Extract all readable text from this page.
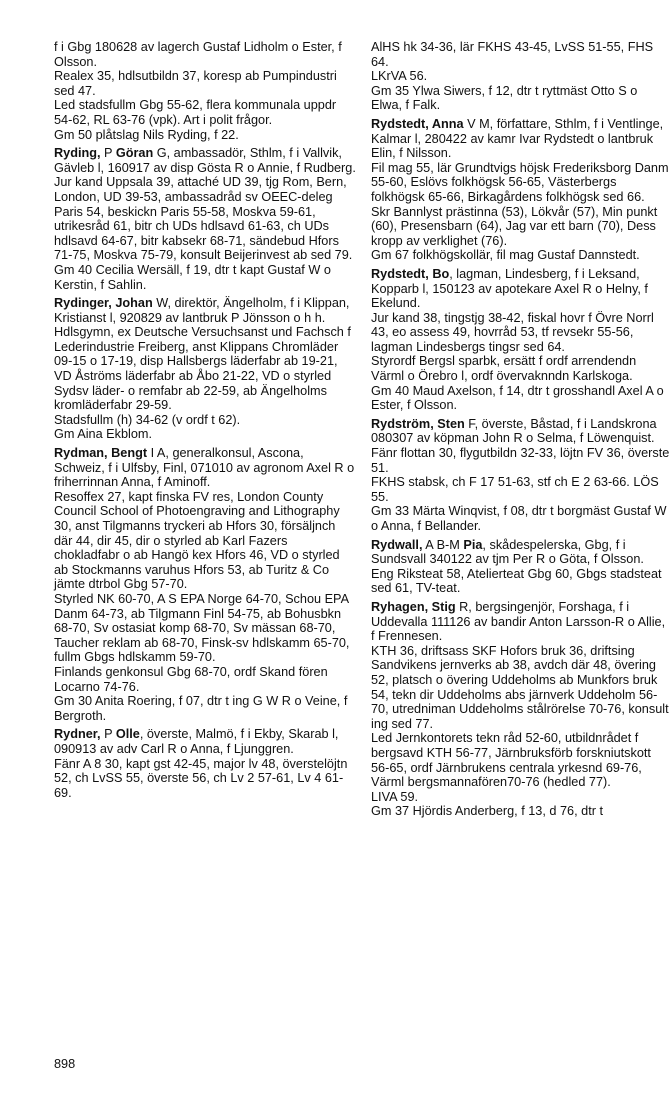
f i Gbg 180628 av lagerch Gustaf Lidholm o Ester, f Olsson.

Realex 35, hdlsutbildn 37, koresp ab Pumpindustri sed 47.

Led stadsfullm Gbg 55-62, flera kommunala uppdr 54-62, RL 63-76 (vpk). Art i polit frågor.

Gm 50 plåtslag Nils Ryding, f 22.

Ryding, P Göran G, ambassadör, Sthlm, f i Vallvik, Gävleb l, 160917 av disp Gösta R o Annie, f Rudberg.

Jur kand Uppsala 39, attaché UD 39, tjg Rom, Bern, London, UD 39-53, ambassadråd sv OEEC-deleg Paris 54, beskickn Paris 55-58, Moskva 59-61, utrikesråd 61, bitr ch UDs hdlsavd 61-63, ch UDs hdlsavd 64-67, bitr kabsekr 68-71, sändebud Hfors 71-75, Moskva 75-79, konsult Beijerinvest ab sed 79.

Gm 40 Cecilia Wersäll, f 19, dtr t kapt Gustaf W o Kerstin, f Sahlin.

Rydinger, Johan W, direktör, Ängelholm, f i Klippan, Kristianst l, 920829 av lantbruk P Jönsson o h h.

Hdlsgymn, ex Deutsche Versuchsanst und Fachsch f Lederindustrie Freiberg, anst Klippans Chromläder 09-15 o 17-19, disp Hallsbergs läderfabr ab 19-21, VD Åströms läderfabr ab Åbo 21-22, VD o styrled Sydsv läder- o remfabr ab 22-59, ab Ängelholms kromläderfabr 29-59.

Stadsfullm (h) 34-62 (v ordf t 62).

Gm Aina Ekblom.

Rydman, Bengt I A, generalkonsul, Ascona, Schweiz, f i Ulfsby, Finl, 071010 av agronom Axel R o friherrinnan Anna, f Aminoff.

Resoffex 27, kapt finska FV res, London County Council School of Photoengraving and Lithography 30, anst Tilgmanns tryckeri ab Hfors 30, försäljnch där 44, dir 45, dir o styrled ab Karl Fazers chokladfabr o ab Hangö kex Hfors 46, VD o styrled ab Stockmanns varuhus Hfors 53, ab Turitz & Co jämte dtrbol Gbg 57-70.

Styrled NK 60-70, A S EPA Norge 64-70, Schou EPA Danm 64-73, ab Tilgmann Finl 54-75, ab Bohusbkn 68-70, Sv ostasiat komp 68-70, Sv mässan 68-70, Taucher reklam ab 68-70, Finsk-sv hdlskamm 65-70, fullm Gbgs hdlskamm 59-70.

Finlands genkonsul Gbg 68-70, ordf Skand fören Locarno 74-76.

Gm 30 Anita Roering, f 07, dtr t ing G W R o Veine, f Bergroth.

Rydner, P Olle, överste, Malmö, f i Ekby, Skarab l, 090913 av adv Carl R o Anna, f Ljunggren.

Fänr A 8 30, kapt gst 42-45, major lv 48, överstelöjtn 52, ch LvSS 55, överste 56, ch Lv 2 57-61, Lv 4 61-69.

AlHS hk 34-36, lär FKHS 43-45, LvSS 51-55, FHS 64.

LKrVA 56.

Gm 35 Ylwa Siwers, f 12, dtr t ryttmäst Otto S o Elwa, f Falk.

Rydstedt, Anna V M, författare, Sthlm, f i Ventlinge, Kalmar l, 280422 av kamr Ivar Rydstedt o lantbruk Elin, f Nilsson.

Fil mag 55, lär Grundtvigs höjsk Frederiksborg Danm 55-60, Eslövs folkhögsk 56-65, Västerbergs folkhögsk 65-66, Birkagårdens folkhögsk sed 66.

Skr Bannlyst prästinna (53), Lökvår (57), Min punkt (60), Presensbarn (64), Jag var ett barn (70), Dess kropp av verklighet (76).

Gm 67 folkhögskollär, fil mag Gustaf Dannstedt.

Rydstedt, Bo, lagman, Lindesberg, f i Leksand, Kopparb l, 150123 av apotekare Axel R o Helny, f Ekelund.

Jur kand 38, tingstjg 38-42, fiskal hovr f Övre Norrl 43, eo assess 49, hovrråd 53, tf revsekr 55-56, lagman Lindesbergs tingsr sed 64.

Styrordf Bergsl sparbk, ersätt f ordf arrendendn Värml o Örebro l, ordf övervaknndn Karlskoga.

Gm 40 Maud Axelson, f 14, dtr t grosshandl Axel A o Ester, f Olsson.

Rydström, Sten F, överste, Båstad, f i Landskrona 080307 av köpman John R o Selma, f Löwenquist.

Fänr flottan 30, flygutbildn 32-33, löjtn FV 36, överste 51.

FKHS stabsk, ch F 17 51-63, stf ch E 2 63-66. LÖS 55.

Gm 33 Märta Winqvist, f 08, dtr t borgmäst Gustaf W o Anna, f Bellander.

Rydwall, A B-M Pia, skådespelerska, Gbg, f i Sundsvall 340122 av tjm Per R o Göta, f Olsson.

Eng Riksteat 58, Atelierteat Gbg 60, Gbgs stadsteat sed 61, TV-teat.

Ryhagen, Stig R, bergsingenjör, Forshaga, f i Uddevalla 111126 av bandir Anton Larsson-R o Allie, f Frennesen.

KTH 36, driftsass SKF Hofors bruk 36, driftsing Sandvikens jernverks ab 38, avdch där 48, övering 52, platsch o övering Uddeholms ab Munkfors bruk 54, tekn dir Uddeholms abs järnverk Uddeholm 56-70, utredniman Uddeholms stålrörelse 70-76, konsult ing sed 77.

Led Jernkontorets tekn råd 52-60, utbildnrådet f bergsavd KTH 56-77, Järnbruksförb forskniutskott 56-65, ordf Järnbrukens centrala yrkesnd 69-76, Värml bergsmannafören70-76 (hedled 77).

LIVA 59.

Gm 37 Hjördis Anderberg, f 13, d 76, dtr t

898
